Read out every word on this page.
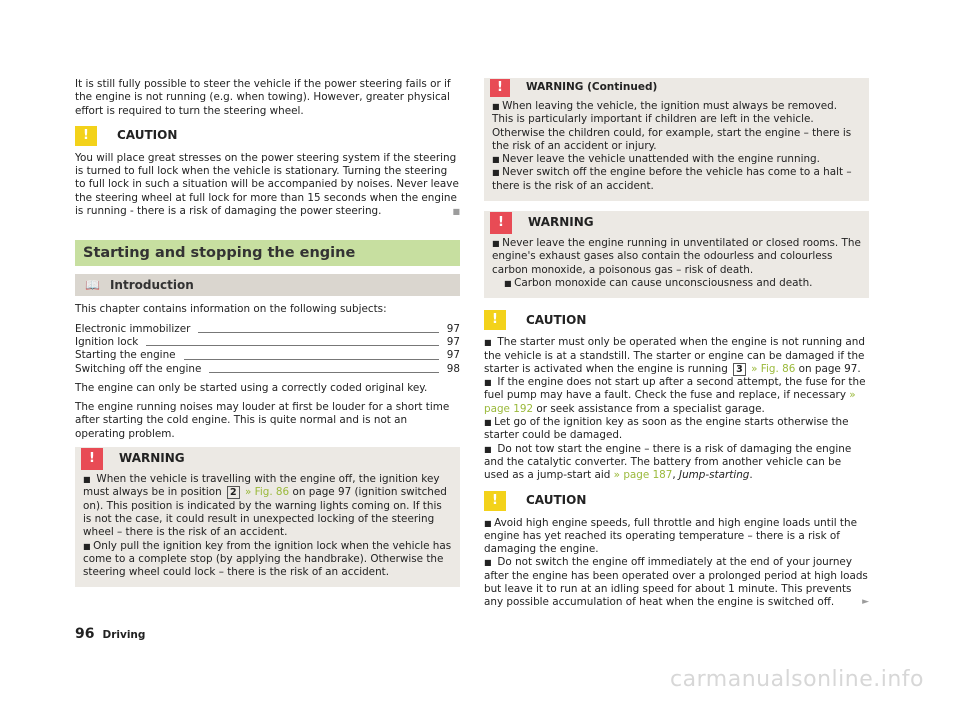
It is still fully possible to steer the vehicle if the power steering fails or if the engine is not running (e.g. when towing). However, greater physical effort is required to turn the steering wheel.

!	CAUTION

You will place great stresses on the power steering system if the steering is turned to full lock when the vehicle is stationary. Turning the steering to full lock in such a situation will be accompanied by noises. Never leave the steering wheel at full lock for more than 15 seconds when the engine is running - there is a risk of damaging the power steering.	■

Starting and stopping the engine
📖 Introduction

This chapter contains information on the following subjects:

Electronic immobilizer	97
Ignition lock	97
Starting the engine	97
Switching off the engine	98

The engine can only be started using a correctly coded original key.

The engine running noises may louder at first be louder for a short time after starting the cold engine. This is quite normal and is not an operating problem.

!	WARNING

■ When the vehicle is travelling with the engine off, the ignition key must always be in position 2 » Fig. 86 on page 97 (ignition switched on). This position is indicated by the warning lights coming on. If this is not the case, it could result in unexpected locking of the steering wheel – there is the risk of an accident.

■ Only pull the ignition key from the ignition lock when the vehicle has come to a complete stop (by applying the handbrake). Otherwise the steering wheel could lock – there is the risk of an accident.

!	WARNING (Continued)

■ When leaving the vehicle, the ignition must always be removed. This is particularly important if children are left in the vehicle. Otherwise the children could, for example, start the engine – there is the risk of an accident or injury.

■ Never leave the vehicle unattended with the engine running.

■ Never switch off the engine before the vehicle has come to a halt – there is the risk of an accident.

!	WARNING

■ Never leave the engine running in unventilated or closed rooms. The engine's exhaust gases also contain the odourless and colourless carbon monoxide, a poisonous gas – risk of death.

■ Carbon monoxide can cause unconsciousness and death.

!	CAUTION

■ The starter must only be operated when the engine is not running and the vehicle is at a standstill. The starter or engine can be damaged if the starter is activated when the engine is running 3 » Fig. 86 on page 97.

■ If the engine does not start up after a second attempt, the fuse for the fuel pump may have a fault. Check the fuse and replace, if necessary » page 192 or seek assistance from a specialist garage.

■ Let go of the ignition key as soon as the engine starts otherwise the starter could be damaged.

■ Do not tow start the engine – there is a risk of damaging the engine and the catalytic converter. The battery from another vehicle can be used as a jump-start aid » page 187, Jump-starting.

!	CAUTION

■ Avoid high engine speeds, full throttle and high engine loads until the engine has yet reached its operating temperature – there is a risk of damaging the engine.

■ Do not switch the engine off immediately at the end of your journey after the engine has been operated over a prolonged period at high loads but leave it to run at an idling speed for about 1 minute. This prevents any possible accumulation of heat when the engine is switched off.	►

96 Driving
carmanualsonline.info
